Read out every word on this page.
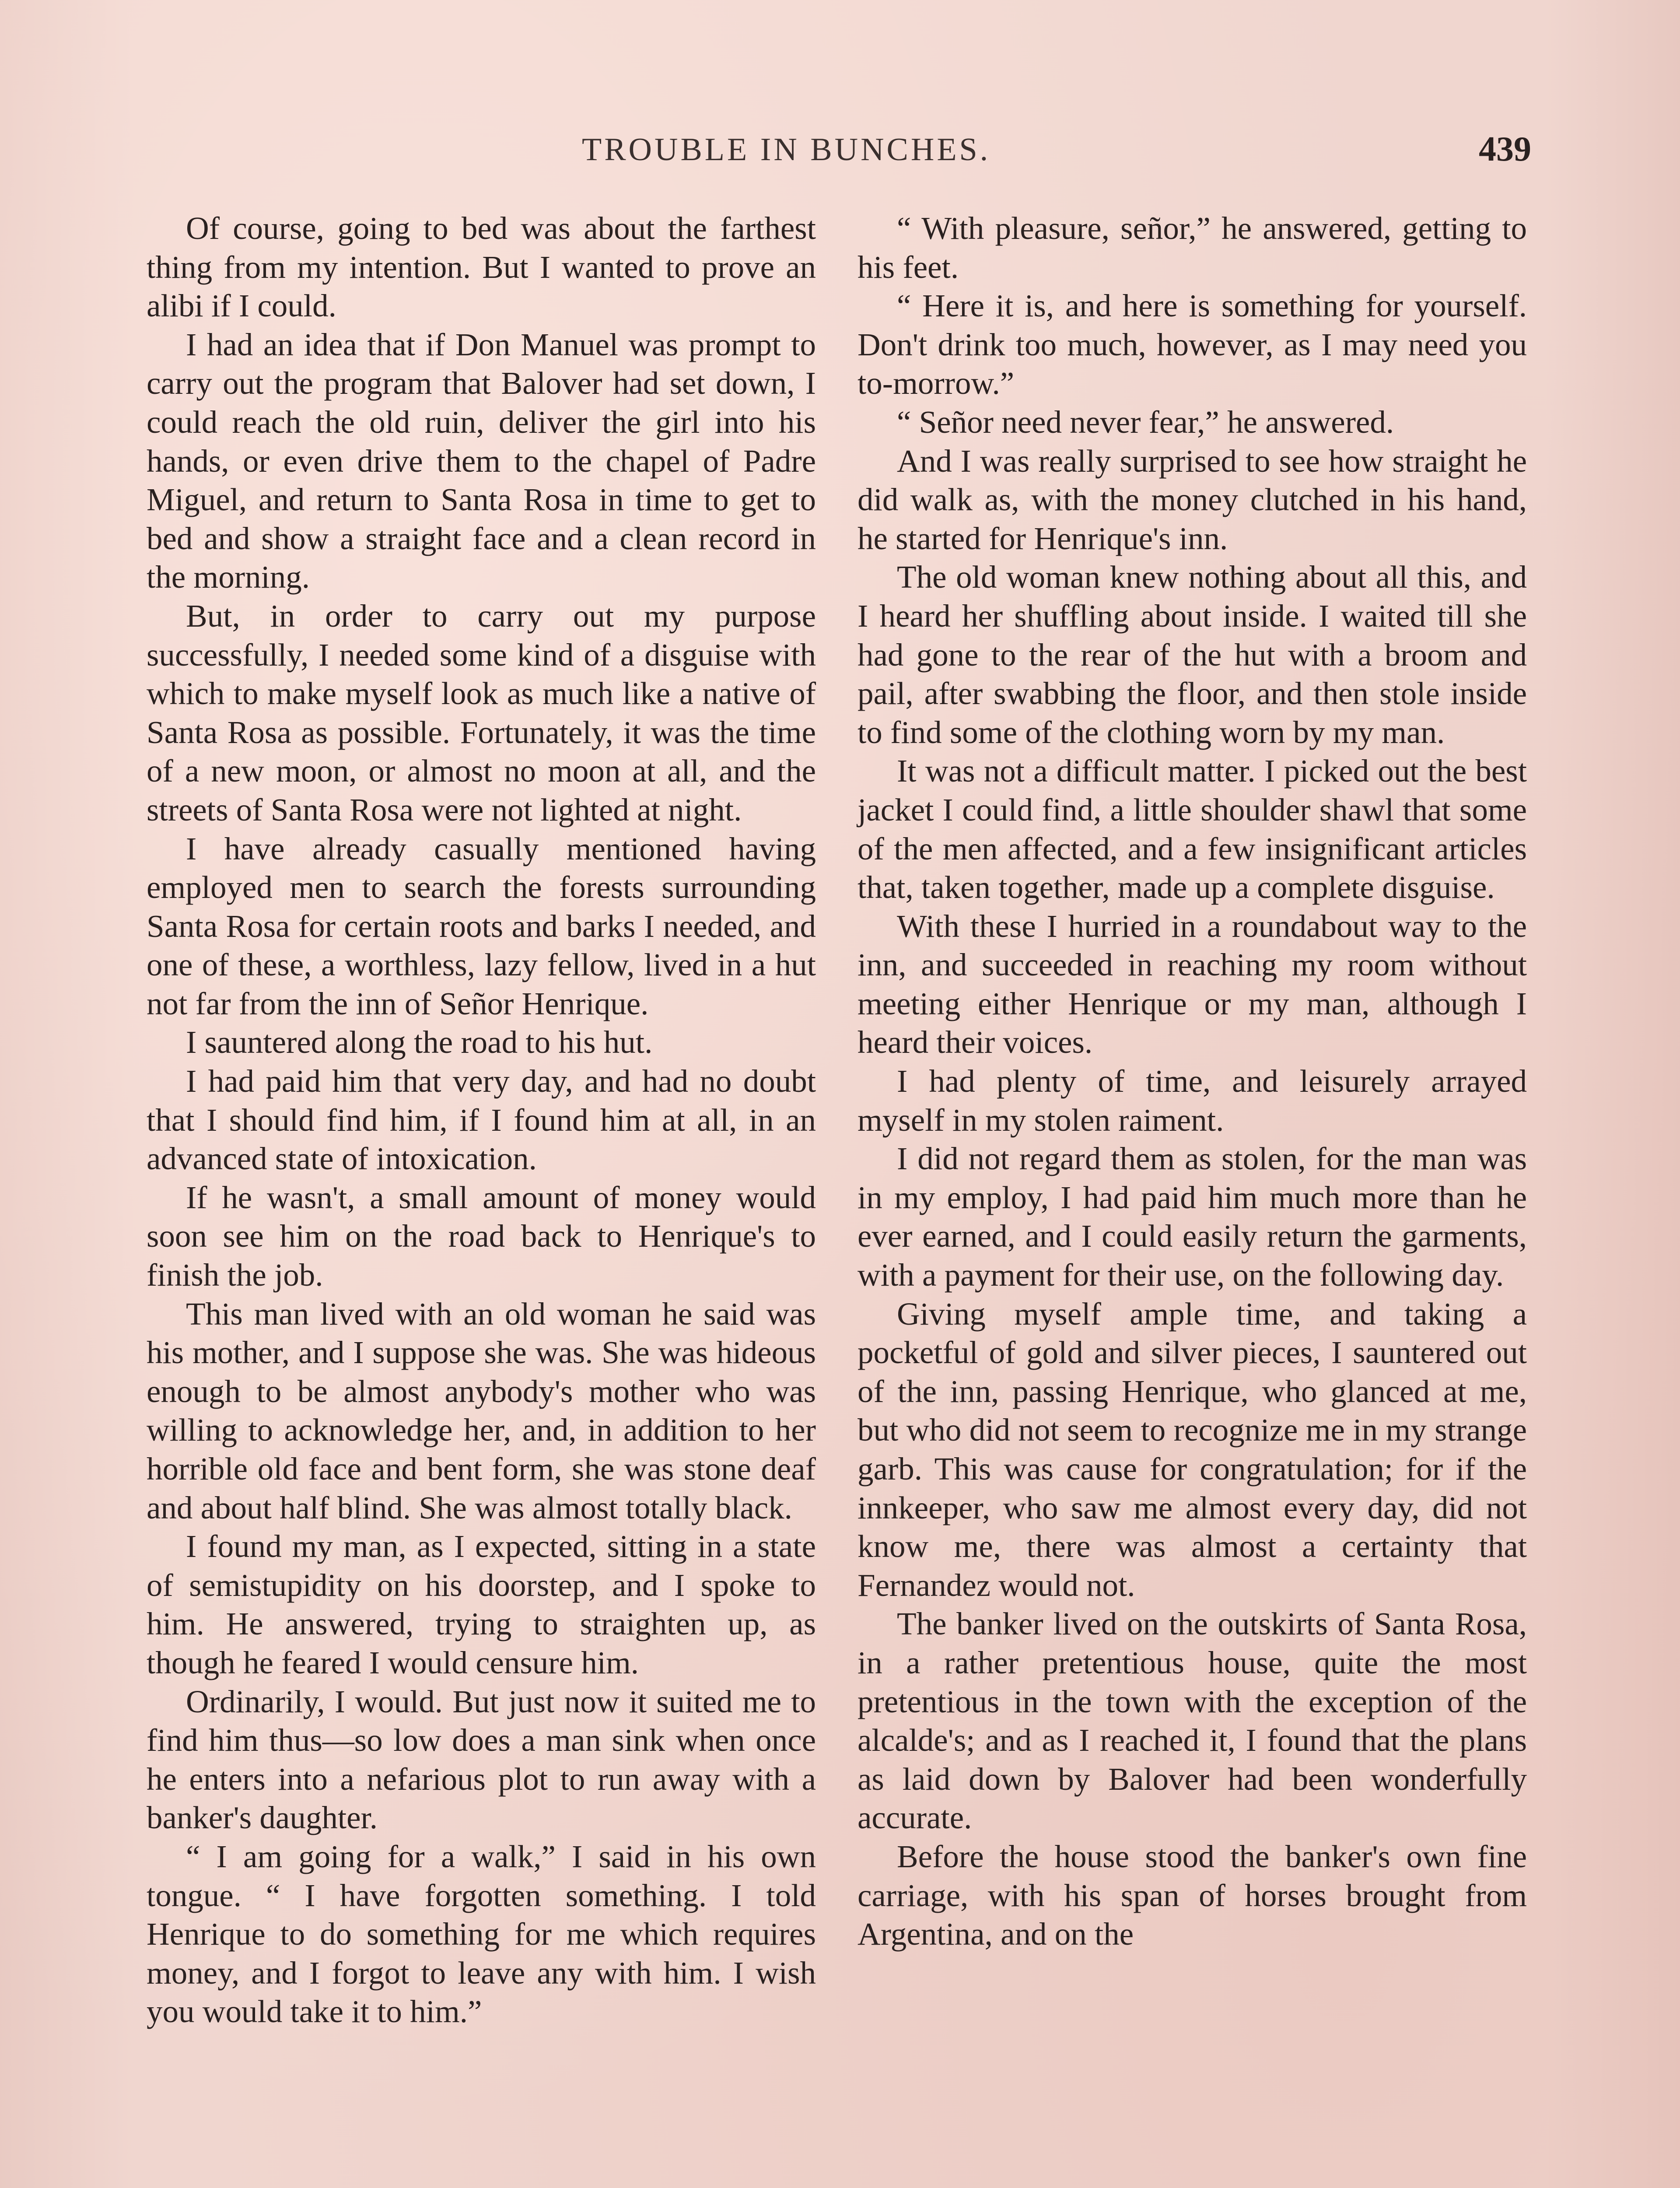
TROUBLE IN BUNCHES.	439

Of course, going to bed was about the farthest thing from my intention. But I wanted to prove an alibi if I could.

I had an idea that if Don Manuel was prompt to carry out the program that Balover had set down, I could reach the old ruin, deliver the girl into his hands, or even drive them to the chapel of Padre Miguel, and return to Santa Rosa in time to get to bed and show a straight face and a clean record in the morning.

But, in order to carry out my purpose successfully, I needed some kind of a disguise with which to make myself look as much like a native of Santa Rosa as possible. Fortunately, it was the time of a new moon, or almost no moon at all, and the streets of Santa Rosa were not lighted at night.

I have already casually mentioned having employed men to search the forests surrounding Santa Rosa for certain roots and barks I needed, and one of these, a worthless, lazy fellow, lived in a hut not far from the inn of Señor Henrique.

I sauntered along the road to his hut.

I had paid him that very day, and had no doubt that I should find him, if I found him at all, in an advanced state of intoxication.

If he wasn't, a small amount of money would soon see him on the road back to Henrique's to finish the job.

This man lived with an old woman he said was his mother, and I suppose she was. She was hideous enough to be almost anybody's mother who was willing to acknowledge her, and, in addition to her horrible old face and bent form, she was stone deaf and about half blind. She was almost totally black.

I found my man, as I expected, sitting in a state of semistupidity on his doorstep, and I spoke to him. He answered, trying to straighten up, as though he feared I would censure him.

Ordinarily, I would. But just now it suited me to find him thus—so low does a man sink when once he enters into a nefarious plot to run away with a banker's daughter.

“ I am going for a walk,” I said in his own tongue. “ I have forgotten something. I told Henrique to do something for me which requires money, and I forgot to leave any with him. I wish you would take it to him.”

“ With pleasure, señor,” he answered, getting to his feet.

“ Here it is, and here is something for yourself. Don't drink too much, however, as I may need you to-morrow.”

“ Señor need never fear,” he answered.

And I was really surprised to see how straight he did walk as, with the money clutched in his hand, he started for Henrique's inn.

The old woman knew nothing about all this, and I heard her shuffling about inside. I waited till she had gone to the rear of the hut with a broom and pail, after swabbing the floor, and then stole inside to find some of the clothing worn by my man.

It was not a difficult matter. I picked out the best jacket I could find, a little shoulder shawl that some of the men affected, and a few insignificant articles that, taken together, made up a complete disguise.

With these I hurried in a roundabout way to the inn, and succeeded in reaching my room without meeting either Henrique or my man, although I heard their voices.

I had plenty of time, and leisurely arrayed myself in my stolen raiment.

I did not regard them as stolen, for the man was in my employ, I had paid him much more than he ever earned, and I could easily return the garments, with a payment for their use, on the following day.

Giving myself ample time, and taking a pocketful of gold and silver pieces, I sauntered out of the inn, passing Henrique, who glanced at me, but who did not seem to recognize me in my strange garb. This was cause for congratulation; for if the innkeeper, who saw me almost every day, did not know me, there was almost a certainty that Fernandez would not.

The banker lived on the outskirts of Santa Rosa, in a rather pretentious house, quite the most pretentious in the town with the exception of the alcalde's; and as I reached it, I found that the plans as laid down by Balover had been wonderfully accurate.

Before the house stood the banker's own fine carriage, with his span of horses brought from Argentina, and on the
